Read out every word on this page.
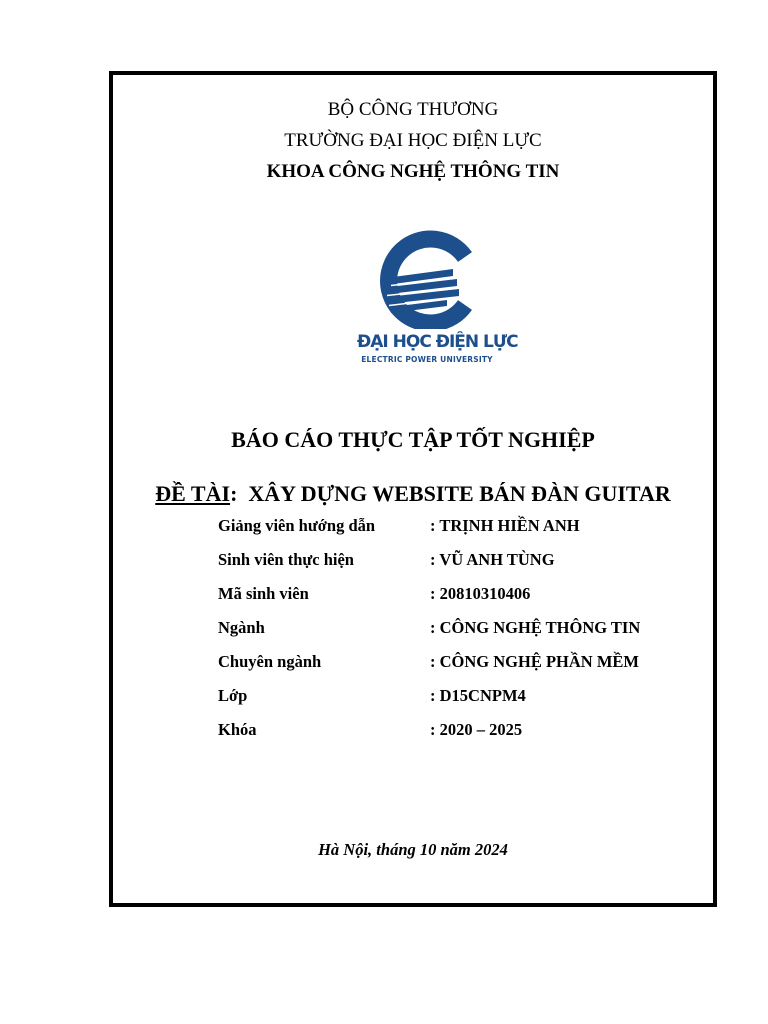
BỘ CÔNG THƯƠNG
TRƯỜNG ĐẠI HỌC ĐIỆN LỰC
KHOA CÔNG NGHỆ THÔNG TIN
ĐẠI HỌC ĐIỆN LỰC
ELECTRIC POWER UNIVERSITY
BÁO CÁO THỰC TẬP TỐT NGHIỆP
ĐỀ TÀI: XÂY DỰNG WEBSITE BÁN ĐÀN GUITAR
Giảng viên hướng dẫn	: TRỊNH HIỀN ANH
Sinh viên thực hiện	: VŨ ANH TÙNG
Mã sinh viên	: 20810310406
Ngành	: CÔNG NGHỆ THÔNG TIN
Chuyên ngành	: CÔNG NGHỆ PHẦN MỀM
Lớp	: D15CNPM4
Khóa	: 2020 – 2025
Hà Nội, tháng 10 năm 2024
